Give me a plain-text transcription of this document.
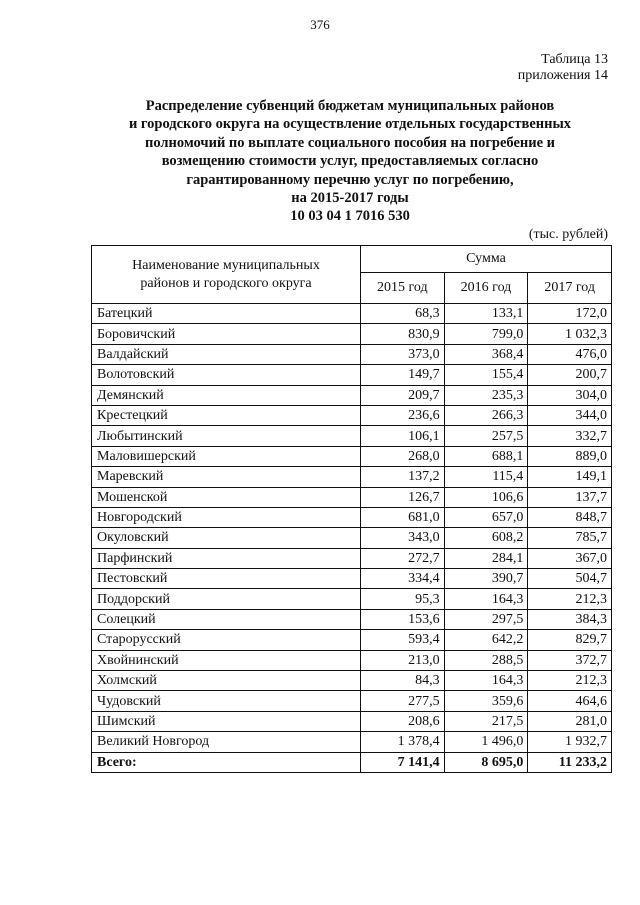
376
Таблица 13
приложения 14
Распределение субвенций бюджетам муниципальных районов
и городского округа на осуществление отдельных государственных
полномочий по выплате социального пособия на погребение и
возмещению стоимости услуг, предоставляемых согласно
гарантированному перечню услуг по погребению,
на 2015-2017 годы
10 03 04 1 7016 530
(тыс. рублей)
Наименование муниципальных
районов и городского округа	Сумма		
	2015 год	2016 год	2017 год
Батецкий	68,3	133,1	172,0
Боровичский	830,9	799,0	1 032,3
Валдайский	373,0	368,4	476,0
Волотовский	149,7	155,4	200,7
Демянский	209,7	235,3	304,0
Крестецкий	236,6	266,3	344,0
Любытинский	106,1	257,5	332,7
Маловишерский	268,0	688,1	889,0
Маревский	137,2	115,4	149,1
Мошенской	126,7	106,6	137,7
Новгородский	681,0	657,0	848,7
Окуловский	343,0	608,2	785,7
Парфинский	272,7	284,1	367,0
Пестовский	334,4	390,7	504,7
Поддорский	95,3	164,3	212,3
Солецкий	153,6	297,5	384,3
Старорусский	593,4	642,2	829,7
Хвойнинский	213,0	288,5	372,7
Холмский	84,3	164,3	212,3
Чудовский	277,5	359,6	464,6
Шимский	208,6	217,5	281,0
Великий Новгород	1 378,4	1 496,0	1 932,7
Всего:	7 141,4	8 695,0	11 233,2
